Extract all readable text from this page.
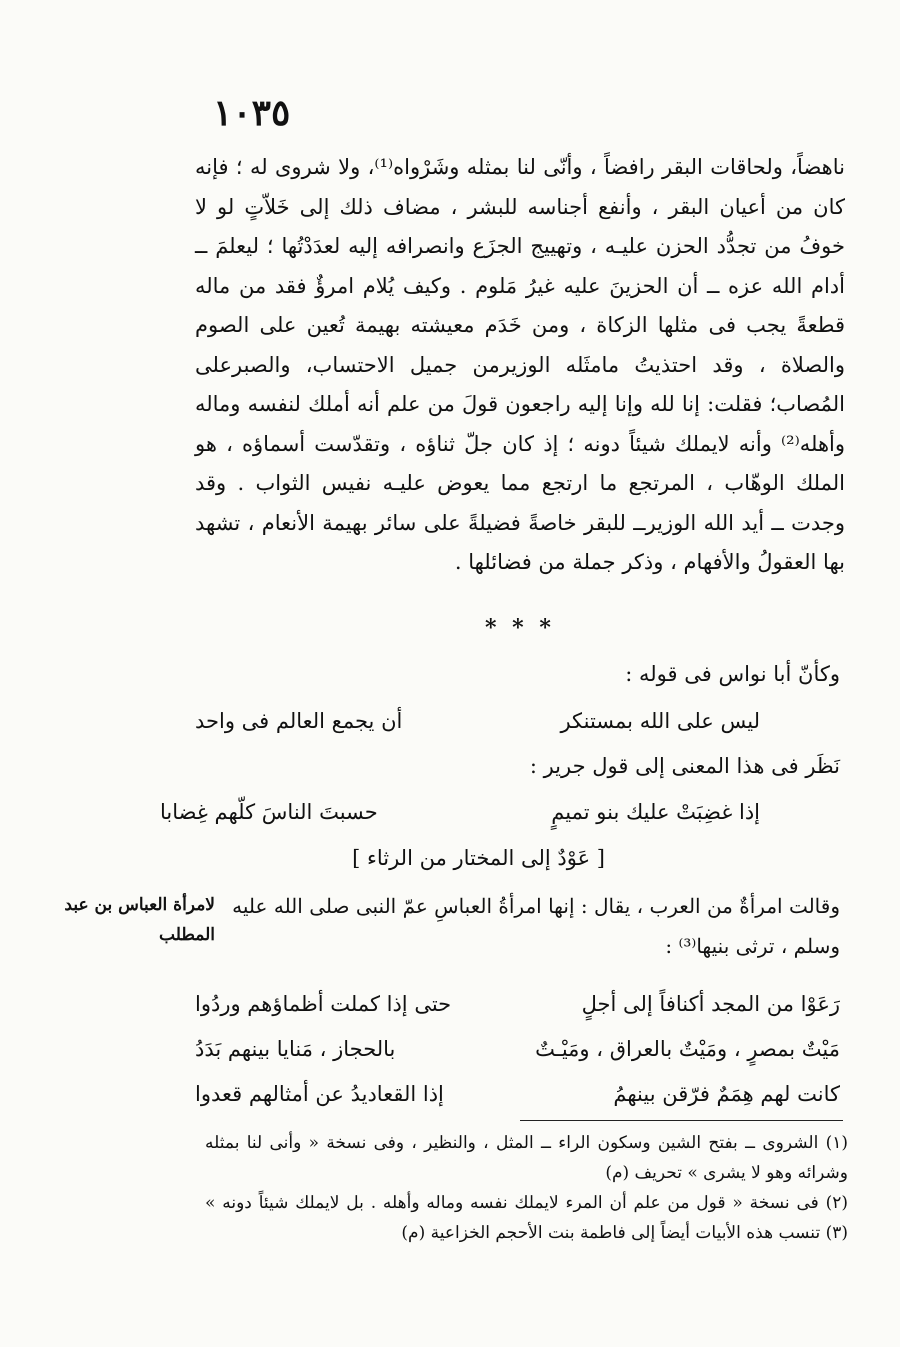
١٠٣٥

ناهضاً، ولحاقات البقر رافضاً ، وأنّى لنا بمثله وشَرْواه⁽¹⁾، ولا شروى له ؛ فإنه كان من أعيان البقر ، وأنفع أجناسه للبشر ، مضاف ذلك إلى خَلاّتٍ لو لا خوفُ من تجدُّد الحزن عليـه ، وتهييج الجزَع وانصرافه إليه لعدَدْتُها ؛ ليعلمَ ــ أدام الله عزه ــ أن الحزينَ عليه غيرُ مَلوم . وكيف يُلام امرؤٌ فقد من ماله قطعةً يجب فى مثلها الزكاة ، ومن خَدَم معيشته بهيمة تُعين على الصوم والصلاة ، وقد احتذيتُ مامثَله الوزيرمن جميل الاحتساب، والصبرعلى المُصاب؛ فقلت: إنا لله وإنا إليه راجعون قولَ من علم أنه أملك لنفسه وماله وأهله⁽²⁾ وأنه لايملك شيئاً دونه ؛ إذ كان جلّ ثناؤه ، وتقدّست أسماؤه ، هو الملك الوهّاب ، المرتجع ما ارتجع مما يعوض عليـه نفيس الثواب . وقد وجدت ــ أيد الله الوزيرــ للبقر خاصةً فضيلةً على سائر بهيمة الأنعام ، تشهد بها العقولُ والأفهام ، وذكر جملة من فضائلها .

* * *
وكأنّ أبا نواس فى قوله :
ليس على الله بمستنكر
أن يجمع العالم فى واحد
نَظَر فى هذا المعنى إلى قول جرير :
إذا غضِبَتْ عليك بنو تميمٍ
حسبتَ الناسَ كلّهم غِضابا
[ عَوْدٌ إلى المختار من الرثاء ]
لامرأة العباس بن عبد المطلب
وقالت امرأةٌ من العرب ، يقال : إنها امرأةُ العباسِ عمّ النبى صلى الله عليه
وسلم ، ترثى بنيها⁽³⁾ :
رَعَوْا من المجد أكنافاً إلى أجلٍ
حتى إذا كملت أظماؤهم وردُوا
مَيْتٌ بمصرٍ ، ومَيْتٌ بالعراق ، ومَيْـتٌ
بالحجاز ، مَنايا بينهم بَدَدُ
كانت لهم هِمَمٌ فرّقن بينهمُ
إذا القعاديدُ عن أمثالهم قعدوا

(١) الشروى ــ بفتح الشين وسكون الراء ــ المثل ، والنظير ، وفى نسخة « وأنى لنا بمثله وشرائه وهو لا يشرى » تحريف (م)

(٢) فى نسخة « قول من علم أن المرء لايملك نفسه وماله وأهله . بل لايملك شيئاً دونه » (٣) تنسب هذه الأبيات أيضاً إلى فاطمة بنت الأحجم الخزاعية (م)
